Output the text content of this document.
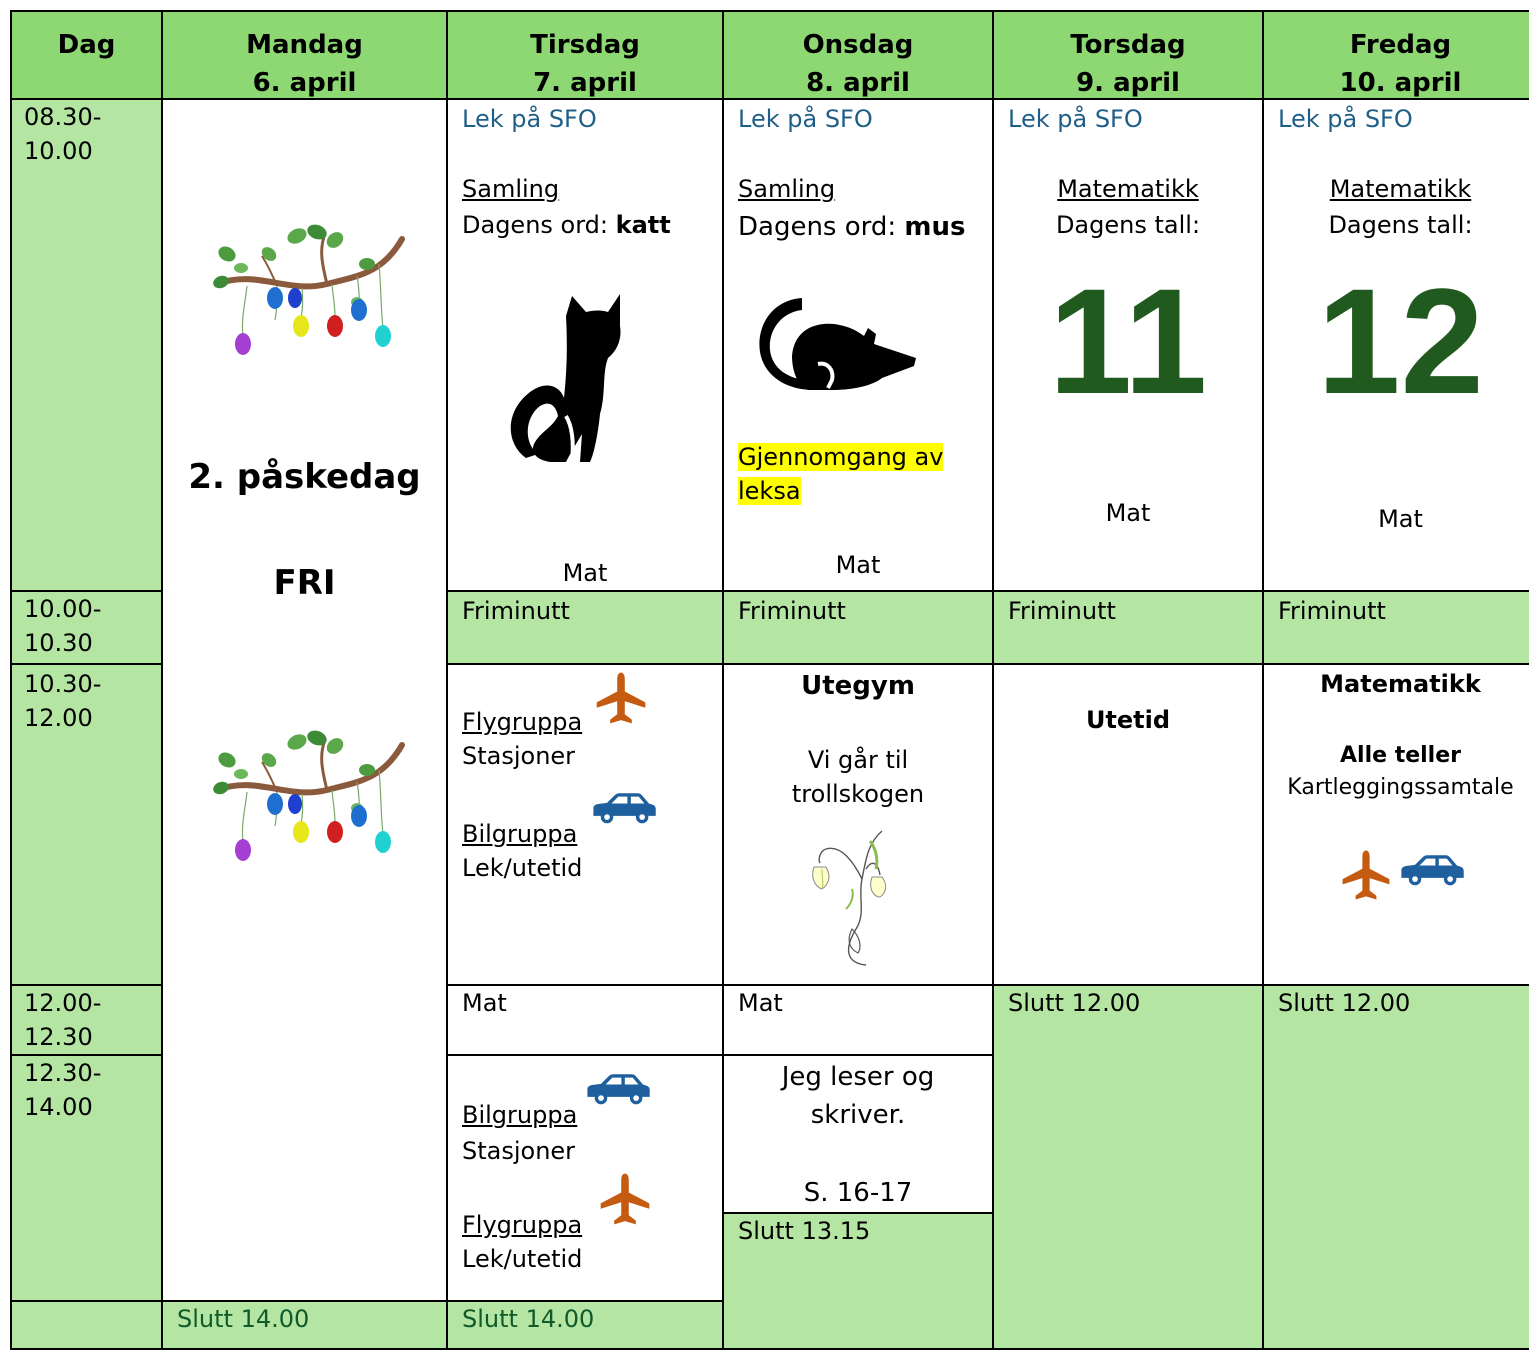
Dag	Mandag
6. april
Tirsdag
7. april
Onsdag
8. april
Torsdag
9. april
Fredag
10. april
08.30-
10.00
10.00-
10.30
10.30-
12.00
12.00-
12.30
12.30-
14.00
2. påskedag
FRI
Slutt 14.00
Lek på SFO
Samling
Dagens ord: katt
Mat
Friminutt
Flygruppa
Stasjoner
Bilgruppa
Lek/utetid
Mat
Bilgruppa
Stasjoner
Flygruppa
Lek/utetid
Slutt 14.00
Lek på SFO
Samling
Dagens ord: mus
Gjennomgang av
leksa
Mat
Friminutt
Utegym
Vi går til
trollskogen
Mat
Jeg leser og
skriver.
S. 16-17
Slutt 13.15
Lek på SFO
Matematikk
Dagens tall:
11
Mat
Friminutt
Utetid
Slutt 12.00
Lek på SFO
Matematikk
Dagens tall:
12
Mat
Friminutt
Matematikk
Alle teller
Kartleggingssamtale
Slutt 12.00
